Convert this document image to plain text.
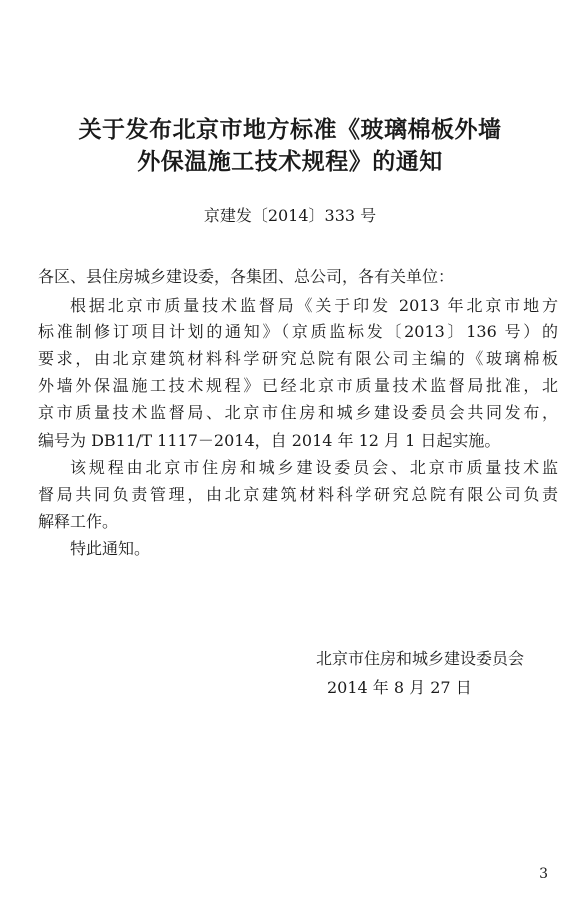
关于发布北京市地方标准《玻璃棉板外墙
外保温施工技术规程》的通知
京建发〔2014〕333 号
各区、县住房城乡建设委，各集团、总公司，各有关单位：
根据北京市质量技术监督局《关于印发 2013 年北京市地方
标准制修订项目计划的通知》（京质监标发〔2013〕136 号）的
要求，由北京建筑材料科学研究总院有限公司主编的《玻璃棉板
外墙外保温施工技术规程》已经北京市质量技术监督局批准，北
京市质量技术监督局、北京市住房和城乡建设委员会共同发布，
编号为 DB11/T 1117－2014，自 2014 年 12 月 1 日起实施。
该规程由北京市住房和城乡建设委员会、北京市质量技术监
督局共同负责管理，由北京建筑材料科学研究总院有限公司负责
解释工作。
特此通知。
北京市住房和城乡建设委员会
2014 年 8 月 27 日
3
